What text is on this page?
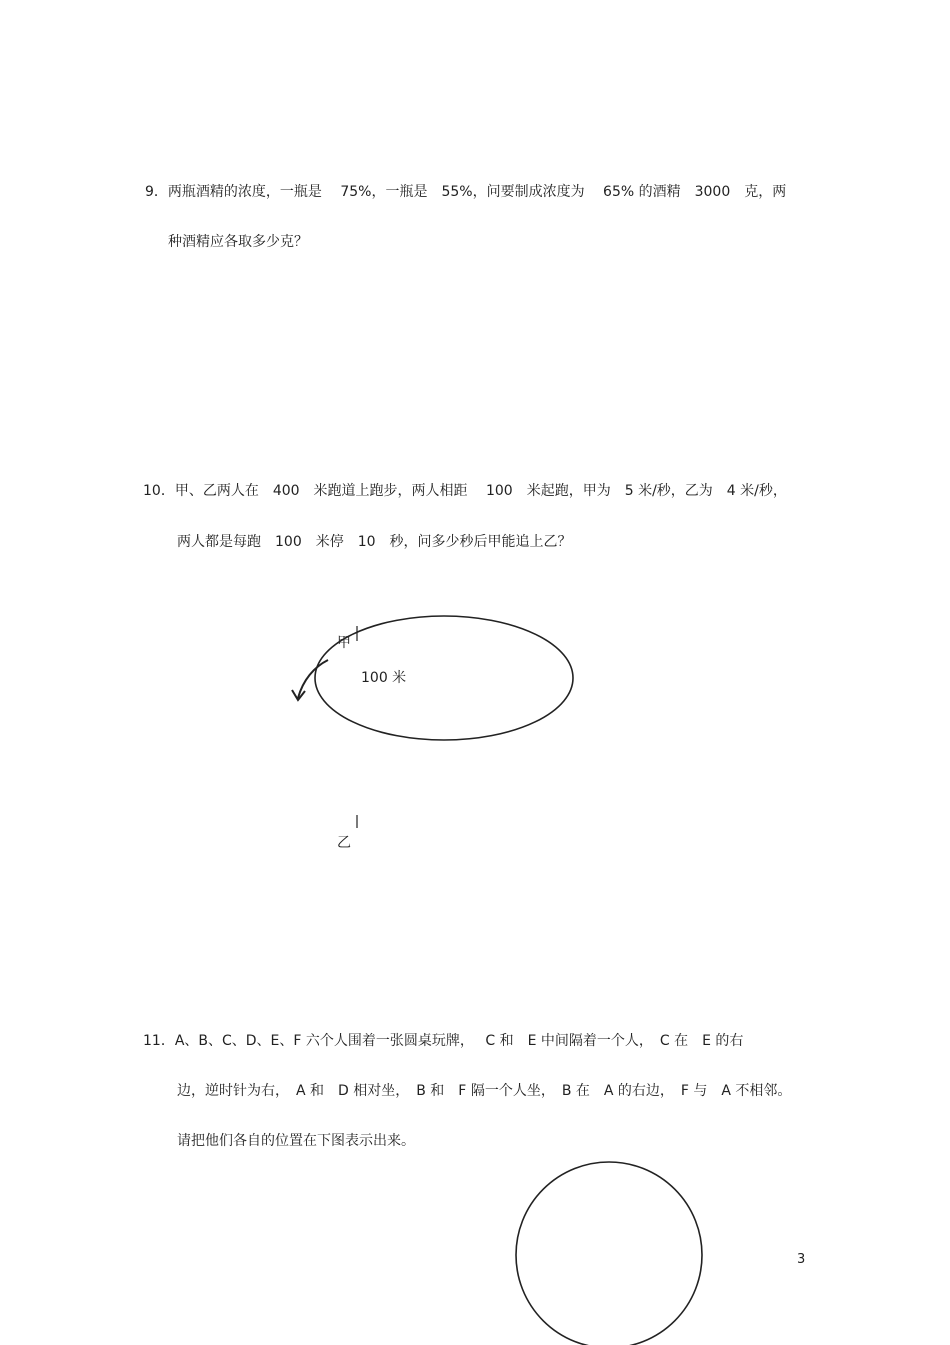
9．两瓶酒精的浓度，一瓶是　 75%，一瓶是　55%，问要制成浓度为　 65% 的酒精　3000　克，两
种酒精应各取多少克？
10．甲、乙两人在　400　米跑道上跑步，两人相距　 100　米起跑，甲为　5 米/秒，乙为　4 米/秒，
两人都是每跑　100　米停　10　秒，问多少秒后甲能追上乙？
甲
100 米
乙
11．A、B、C、D、E、F 六个人围着一张圆桌玩牌，　 C 和　E 中间隔着一个人，　C 在　E 的右
边，逆时针为右，　A 和　D 相对坐，　B 和　F 隔一个人坐，　B 在　A 的右边，　F 与　A 不相邻。
请把他们各自的位置在下图表示出来。
3
